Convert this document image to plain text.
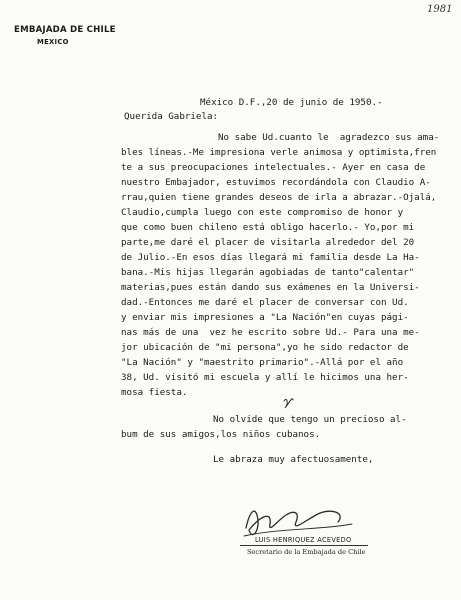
EMBAJADA DE CHILE
MEXICO
1981
México D.F.,20 de junio de 1950.-
Querida Gabriela:

No sabe Ud.cuanto le  agradezco sus ama-

bles líneas.-Me impresiona verle animosa y optimista,fren

te a sus preocupaciones intelectuales.- Ayer en casa de

nuestro Embajador, estuvimos recordándola con Claudio A-

rrau,quien tiene grandes deseos de irla a abrazar.-Ojalá,

Claudio,cumpla luego con este compromiso de honor y

que como buen chileno está obligo hacerlo.- Yo,por mi

parte,me daré el placer de visitarla alrededor del 20

de Julio.-En esos días llegará mi familia desde La Ha-

bana.-Mis hijas llegarán agobiadas de tanto"calentar"

materias,pues están dando sus exámenes en la Universi-

dad.-Entonces me daré el placer de conversar con Ud.

y enviar mis impresiones a "La Nación"en cuyas pági-

nas más de una  vez he escrito sobre Ud.- Para una me-

jor ubicación de "mi persona",yo he sido redactor de

"La Nación" y "maestrito primario".-Allá por el año

38, Ud. visitó mi escuela y allí le hicimos una her-

mosa fiesta.

No olvide que tengo un precioso al-

bum de sus amigos,los niños cubanos.

Le abraza muy afectuosamente,

LUIS HENRIQUEZ ACEVEDO
Secretario de la Embajada de Chile
